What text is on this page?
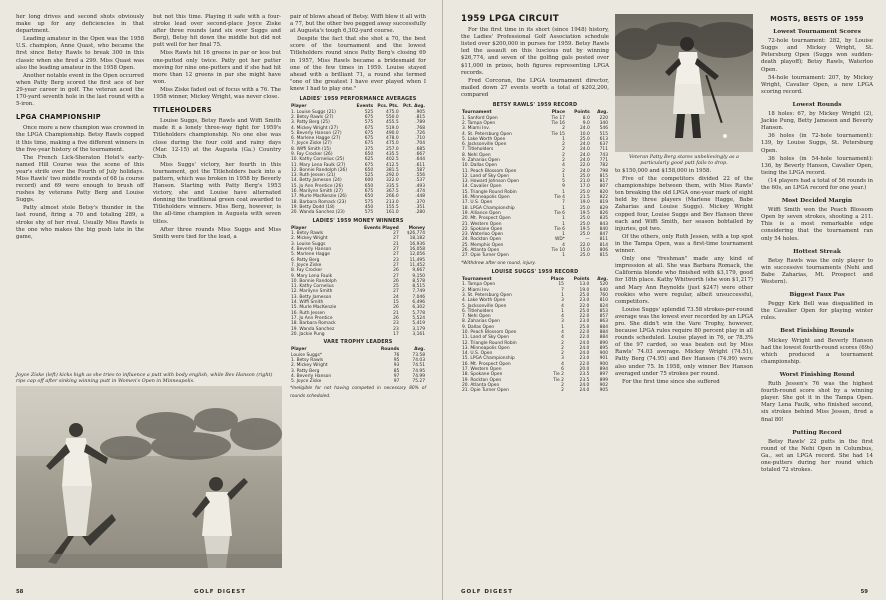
her long drives and second shots obviously make up for any deficiencies in that department.

Leading amateur in the Open was the 1958 U.S. champion, Anne Quast, who became the first since Betsy Rawls to break 300 in this classic when she fired a 299. Miss Quast was also the leading amateur in the 1958 Open.

Another notable event in the Open occurred when Patty Berg scored the first ace of her 29-year career in golf. The veteran aced the 170-yard seventh hole in the last round with a 5-iron.

LPGA CHAMPIONSHIP

Once more a new champion was crowned in the LPGA Championship. Betsy Rawls copped it this time, making a five different winners in the five-year history of the tournament.

The French Lick-Sheraton Hotel's early-named Hill Course was the scene of this year's strife over the Fourth of July holidays. Miss Rawls' two middle rounds of 68 (a course record) and 69 were enough to brush off rushes by veterans Patty Berg and Louise Suggs.

Patty almost stole Betsy's thunder in the last round, firing a 70 and totaling 289, a stroke shy of her rival. Usually Miss Rawls is the one who makes the big push late in the game,

but not this time. Playing it safe with a four-stroke lead over second-place Joyce Ziske after three rounds (and six over Suggs and Berg), Betsy hit down the middle but did not putt well for her final 75.

Miss Rawls hit 16 greens in par or less but one-putted only twice. Patty got her putter moving for nine one-putters and if she had hit more than 12 greens in par she might have won.

Miss Ziske faded out of focus with a 76. The 1958 winner, Mickey Wright, was never close.

TITLEHOLDERS

Louise Suggs, Betsy Rawls and Wiffi Smith made it a lonely three-way fight for 1959's Titleholders championship. No one else was close during the four cold and rainy days (Mar. 12-15) at the Augusta (Ga.) Country Club.

Miss Suggs' victory, her fourth in this tournament, got the Titleholders back into a pattern, which was broken in 1958 by Beverly Hanson. Starting with Patty Berg's 1953 victory, she and Louise have alternated donning the traditional green coat awarded to Titleholders winners. Miss Berg, however, is the all-time champion in Augusta with seven titles.

After three rounds Miss Suggs and Miss Smith were tied for the lead, a

pair of blows ahead of Betsy. Wiffi blew it all with a 77, but the other two pegged away successfully at Augusta's tough 6,302-yard course.

Despite the fact that she shot a 70, the best score of the tournament and the lowest Titleholders round since Patty Berg's closing 69 in 1957, Miss Rawls became a bridesmaid for one of the few times in 1959. Louise stayed ahead with a brilliant 71, a round she termed "one of the greatest I have ever played when I knew I had to play one."

LADIES' 1959 PERFORMANCE AVERAGES
Player	Events	Pcs. Pts.	Pct. Avg.
1. Louise Suggs (21)	525	475.0	.905
2. Betsy Rawls (27)	675	550.0	.815
3. Patty Berg (25)	575	455.5	.789
4. Mickey Wright (27)	675	519.0	.768
5. Beverly Hanson (27)	675	490.0	.726
6. Marlene Hagge (27)	675	478.0	.710
7. Joyce Ziske (27)	675	475.0	.704
8. Wiffi Smith (15)	375	257.0	.685
9. Fay Crocker (26)	650	435.5	.667
10. Kathy Cornelius (25)	625	402.5	.644
11. Mary Lena Faulk (27)	675	412.5	.611
12. Bonnie Randolph (26)	650	381.5	.587
13. Ruth Jessen (21)	525	292.0	.556
14. Betty Jameson (24)	600	322.0	.537
15. Jo Ann Prentice (26)	650	335.5	.493
16. Marilynn Smith (27)	675	367.5	.474
17. Murle MacKenzie (26)	650	266.0	.448
18. Barbara Romack (23)	575	213.0	.370
19. Betty Dodd (18)	450	155.5	.351
20. Wanda Sanchez (23)	575	161.0	.280
LADIES' 1959 MONEY WINNERS
Player	Events Played	Money
1. Betsy Rawls	27	$26,774
2. Mickey Wright	27	18,182
3. Louise Suggs	21	16,936
4. Beverly Hanson	27	16,058
5. Marlene Hagge	27	12,056
6. Patty Berg	23	11,495
7. Joyce Ziske	27	11,452
8. Fay Crocker	26	9,667
9. Mary Lena Faulk	27	9,150
10. Bonnie Randolph	26	8,578
11. Kathy Cornelius	25	8,515
12. Marilynn Smith	27	7,749
13. Betty Jameson	24	7,046
14. Wiffi Smith	15	6,496
15. Murle MacKenzie	26	6,302
16. Ruth Jessen	21	5,778
17. Jo Ann Prentice	26	5,524
18. Barbara Romack	23	5,419
19. Wanda Sanchez	23	3,179
20. Jackie Pung	17	3,161
VARE TROPHY LEADERS
Player	Rounds	Avg.
Louise Suggs*	76	73.58
1. Betsy Rawls	95	74.03
2. Mickey Wright	93	74.51
3. Patty Berg	85	74.95
4. Beverly Hanson	97	74.99
5. Joyce Ziske	97	75.27
*Ineligible for not having competed in necessary 80% of rounds scheduled.
Joyce Ziske (left) kicks high as she tries to influence a putt with body english, while Bev Hanson (right) rips cap off after sinking winning putt in Women's Open in Minneapolis.
58	GOLF DIGEST
1959 LPGA CIRCUIT

For the first time in its short (since 1948) history, the Ladies' Professional Golf Association schedule listed over $200,000 in purses for 1959. Betsy Rawls led the assault on this luscious nut by winning $26,774, and seven of the golfing gals posted over $11,000 in prizes, both figures representing LPGA records.

Fred Corcoran, the LPGA tournament director, mailed down 27 events worth a total of $202,200, compared

BETSY RAWLS' 1959 RECORD
Tournament	Place	Points	Avg.
1. Sanford Open	Tie 17	8.0	220
2. Tampa Open	Tie 16	9.0	340
3. Miami Inv.	2	24.0	546
4. St. Petersburg Open	Tie 15	10.0	515
5. Lake Worth Open	1	25.0	613
6. Jacksonville Open	2	24.0	637
7. Titleholders	2	24.0	711
8. Nehi Open	2	24.0	743
9. Zaharias Open	2	24.0	771
10. Dallas Open	4	22.0	782
11. Peach Blossom Open	2	24.0	798
12. Land of Sky Open	1	25.0	815
13. Howard Johnson Open	5	21.0	817
14. Cavalier Open	9	17.0	807
15. Triangle Round Robin	1	25.0	820
16. Minneapolis Open	Tie 4	21.5	822
17. U.S. Open	7	19.0	819
18. LPGA Championship	1	25.0	829
19. Alliance Open	Tie 6	19.5	826
20. Mt. Prospect Open	1	25.0	835
21. Western Open	1	25.0	843
22. Spokane Open	Tie 6	19.5	840
23. Waterloo Open	1	25.0	847
24. Rockton Open	WD*	—	811
25. Memphis Open	4	22.0	814
26. Atlanta Open	Tie 10	15.0	806
27. Opie Turner Open	1	25.0	815
*Withdrew after one round, injury.
LOUISE SUGGS' 1959 RECORD
Tournament	Place	Points	Avg.
1. Tampa Open	15	13.0	520
2. Miami Inv.	7	19.0	640
3. St. Petersburg Open	1	25.0	760
4. Lake Worth Open	3	23.0	810
5. Jacksonville Open	4	22.0	824
6. Titleholders	1	25.0	853
7. Nehi Open	4	22.0	857
8. Zaharias Open	3	23.0	863
9. Dallas Open	1	25.0	884
10. Peach Blossom Open	4	22.0	884
11. Land of Sky Open	4	22.0	884
12. Triangle Round Robin	2	24.0	890
13. Minneapolis Open	2	24.0	895
14. U.S. Open	2	24.0	900
15. LPGA Championship	3	23.0	901
16. Mt. Prospect Open	4	22.0	900
17. Western Open	6	20.0	894
18. Spokane Open	Tie 2	23.5	897
19. Rockton Open	Tie 2	23.5	899
20. Atlanta Open	2	24.0	902
21. Opie Turner Open	2	24.0	905
Veteran Patty Berg stares unbelievingly as a particularly good putt fails to drop.

to $150,000 and $158,000 in 1958.

Five of the competitors divided 22 of the championships between them, with Miss Rawls' ten breaking the old LPGA one-year mark of eight held by three players (Marlene Hagge, Babe Zaharias and Louise Suggs). Mickey Wright copped four, Louise Suggs and Bev Hanson three each and Wiffi Smith, her season bobtailed by injuries, got two.

Of the others, only Ruth Jessen, with a top spot in the Tampa Open, was a first-time tournament winner.

Only one "freshman" made any kind of impression at all. She was Barbara Romack, the California blonde who finished with $3,179, good for 18th place. Kathy Whitworth (she won $1,217) and Mary Ann Reynolds (just $247) were other rookies who were regular, albeit unsuccessful, competitors.

Louise Suggs' splendid 73.58 strokes-per-round average was the lowest ever recorded by an LPGA pro. She didn't win the Vare Trophy, however, because LPGA rules require 80 percent play in all rounds scheduled. Louise played in 76, or 78.3% of the 97 carded, so was beaten out by Miss Rawls' 74.03 average. Mickey Wright (74.51), Patty Berg (74.95) and Bev Hanson (74.99) were also under 75. In 1958, only winner Bev Hanson averaged under 75 strokes per round.

For the first time since she suffered

MOSTS, BESTS OF 1959
Lowest Tournament Scores

72-hole tournament: 282, by Louise Suggs and Mickey Wright, St. Petersburg Open (Suggs won sudden-death playoff); Betsy Rawls, Waterloo Open.

54-hole tournament: 207, by Mickey Wright, Cavalier Open, a new LPGA scoring record.

Lowest Rounds

18 holes: 67, by Mickey Wright (2), Jackie Pung, Betty Jameson and Beverly Hanson.

36 holes (in 72-hole tournament): 139, by Louise Suggs, St. Petersburg Open.

36 holes (in 54-hole tournament): 136, by Beverly Hanson, Cavalier Open, tieing the LPGA record.

(14 players had a total of 56 rounds in the 60s, an LPGA record for one year.)

Most Decided Margin

Wiffi Smith won the Peach Blossom Open by seven strokes, shooting a 211. This is a most remarkable edge considering that the tournament ran only 54 holes.

Hottest Streak

Betsy Rawls was the only player to win successive tournaments (Nehi and Babe Zaharias, Mt. Prospect and Western).

Biggest Faux Pas

Peggy Kirk Bell was disqualified in the Cavalier Open for playing winter rules.

Best Finishing Rounds

Mickey Wright and Beverly Hanson had the lowest fourth-round scores (69s) which produced a tournament championship.

Worst Finishing Round

Ruth Jessen's 76 was the highest fourth-round score shot by a winning player. She got it in the Tampa Open. Mary Lena Faulk, who finished second, six strokes behind Miss Jessen, fired a final 80!

Putting Record

Betsy Rawls' 22 putts in the first round of the Nehi Open in Columbus, Ga., set an LPGA record. She had 14 one-putters during her round which totaled 72 strokes.

GOLF DIGEST	59
